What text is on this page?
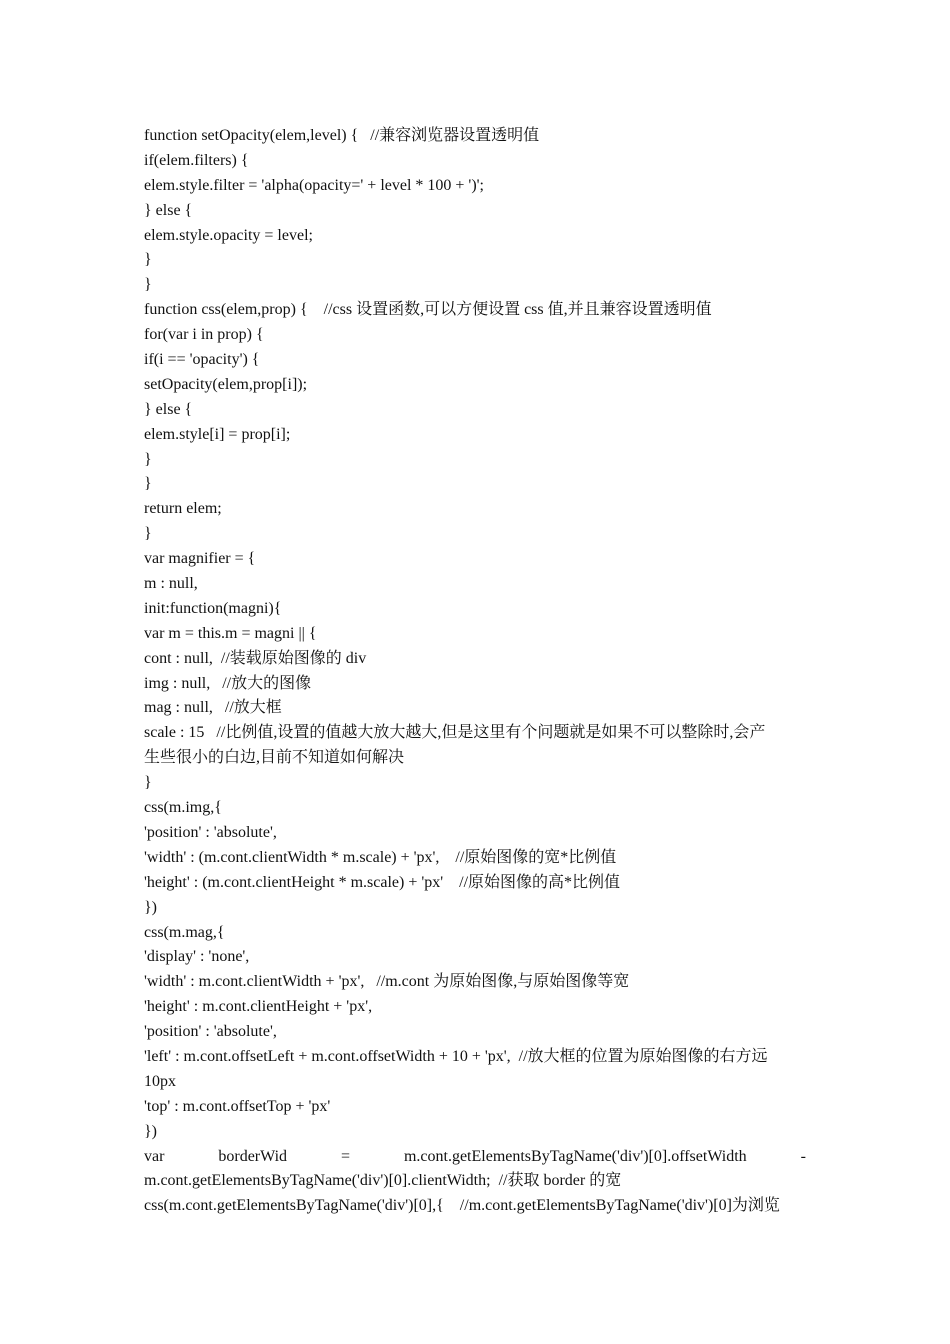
function setOpacity(elem,level) {   //兼容浏览器设置透明值
if(elem.filters) {
elem.style.filter = 'alpha(opacity=' + level * 100 + ')';
} else {
elem.style.opacity = level;
}
}
function css(elem,prop) {    //css 设置函数,可以方便设置 css 值,并且兼容设置透明值
for(var i in prop) {
if(i == 'opacity') {
setOpacity(elem,prop[i]);
} else {
elem.style[i] = prop[i];
}
}
return elem;
}
var magnifier = {
m : null,
init:function(magni){
var m = this.m = magni || {
cont : null,  //装载原始图像的 div
img : null,   //放大的图像
mag : null,   //放大框
scale : 15   //比例值,设置的值越大放大越大,但是这里有个问题就是如果不可以整除时,会产
生些很小的白边,目前不知道如何解决
}
css(m.img,{
'position' : 'absolute',
'width' : (m.cont.clientWidth * m.scale) + 'px',    //原始图像的宽*比例值
'height' : (m.cont.clientHeight * m.scale) + 'px'    //原始图像的高*比例值
})
css(m.mag,{
'display' : 'none',
'width' : m.cont.clientWidth + 'px',   //m.cont 为原始图像,与原始图像等宽
'height' : m.cont.clientHeight + 'px',
'position' : 'absolute',
'left' : m.cont.offsetLeft + m.cont.offsetWidth + 10 + 'px',  //放大框的位置为原始图像的右方远
10px
'top' : m.cont.offsetTop + 'px'
})
var	borderWid	=	m.cont.getElementsByTagName('div')[0].offsetWidth	-
m.cont.getElementsByTagName('div')[0].clientWidth;  //获取 border 的宽
css(m.cont.getElementsByTagName('div')[0],{    //m.cont.getElementsByTagName('div')[0]为浏览
